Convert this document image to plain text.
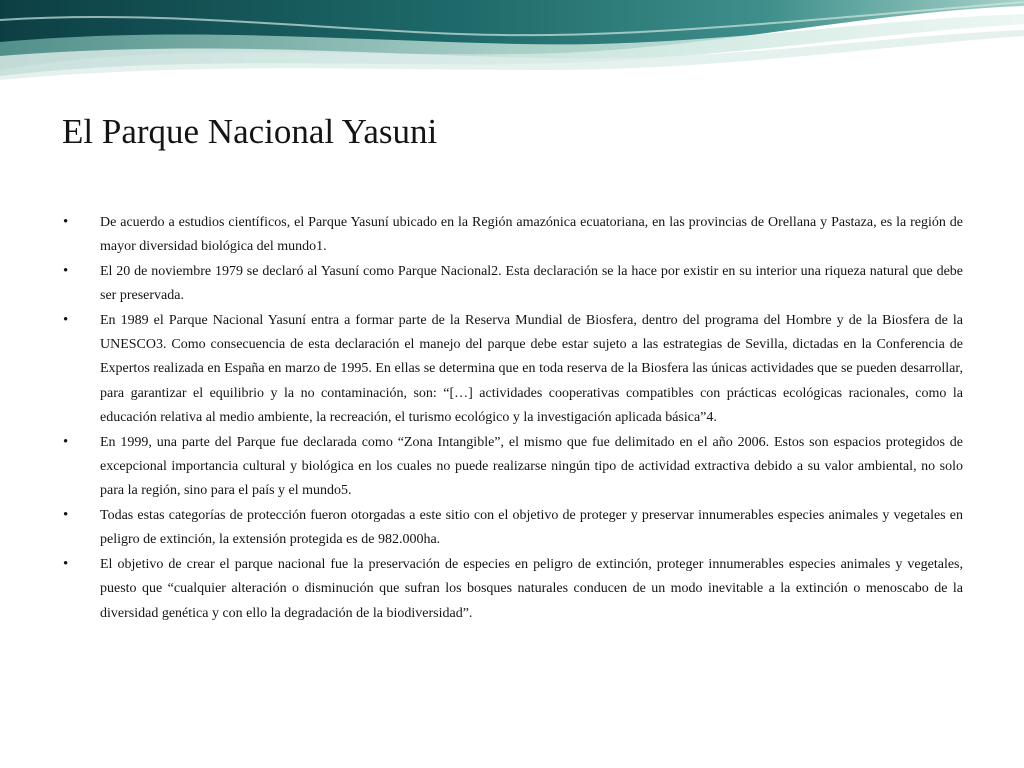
El Parque Nacional Yasuni
• De acuerdo a estudios científicos, el Parque Yasuní ubicado en la Región amazónica ecuatoriana, en las provincias de Orellana y Pastaza, es la región de mayor diversidad biológica del mundo1.
• El 20 de noviembre 1979 se declaró al Yasuní como Parque Nacional2. Esta declaración se la hace por existir en su interior una riqueza natural que debe ser preservada.
• En 1989 el Parque Nacional Yasuní entra a formar parte de la Reserva Mundial de Biosfera, dentro del programa del Hombre y de la Biosfera de la UNESCO3. Como consecuencia de esta declaración el manejo del parque debe estar sujeto a las estrategias de Sevilla, dictadas en la Conferencia de Expertos realizada en España en marzo de 1995. En ellas se determina que en toda reserva de la Biosfera las únicas actividades que se pueden desarrollar, para garantizar el equilibrio y la no contaminación, son: “[…] actividades cooperativas compatibles con prácticas ecológicas racionales, como la educación relativa al medio ambiente, la recreación, el turismo ecológico y la investigación aplicada básica”4.
• En 1999, una parte del Parque fue declarada como “Zona Intangible”, el mismo que fue delimitado en el año 2006. Estos son espacios protegidos de excepcional importancia cultural y biológica en los cuales no puede realizarse ningún tipo de actividad extractiva debido a su valor ambiental, no solo para la región, sino para el país y el mundo5.
• Todas estas categorías de protección fueron otorgadas a este sitio con el objetivo de proteger y preservar innumerables especies animales y vegetales en peligro de extinción, la extensión protegida es de 982.000ha.
• El objetivo de crear el parque nacional fue la preservación de especies en peligro de extinción, proteger innumerables especies animales y vegetales, puesto que “cualquier alteración o disminución que sufran los bosques naturales conducen de un modo inevitable a la extinción o menoscabo de la diversidad genética y con ello la degradación de la biodiversidad”.
